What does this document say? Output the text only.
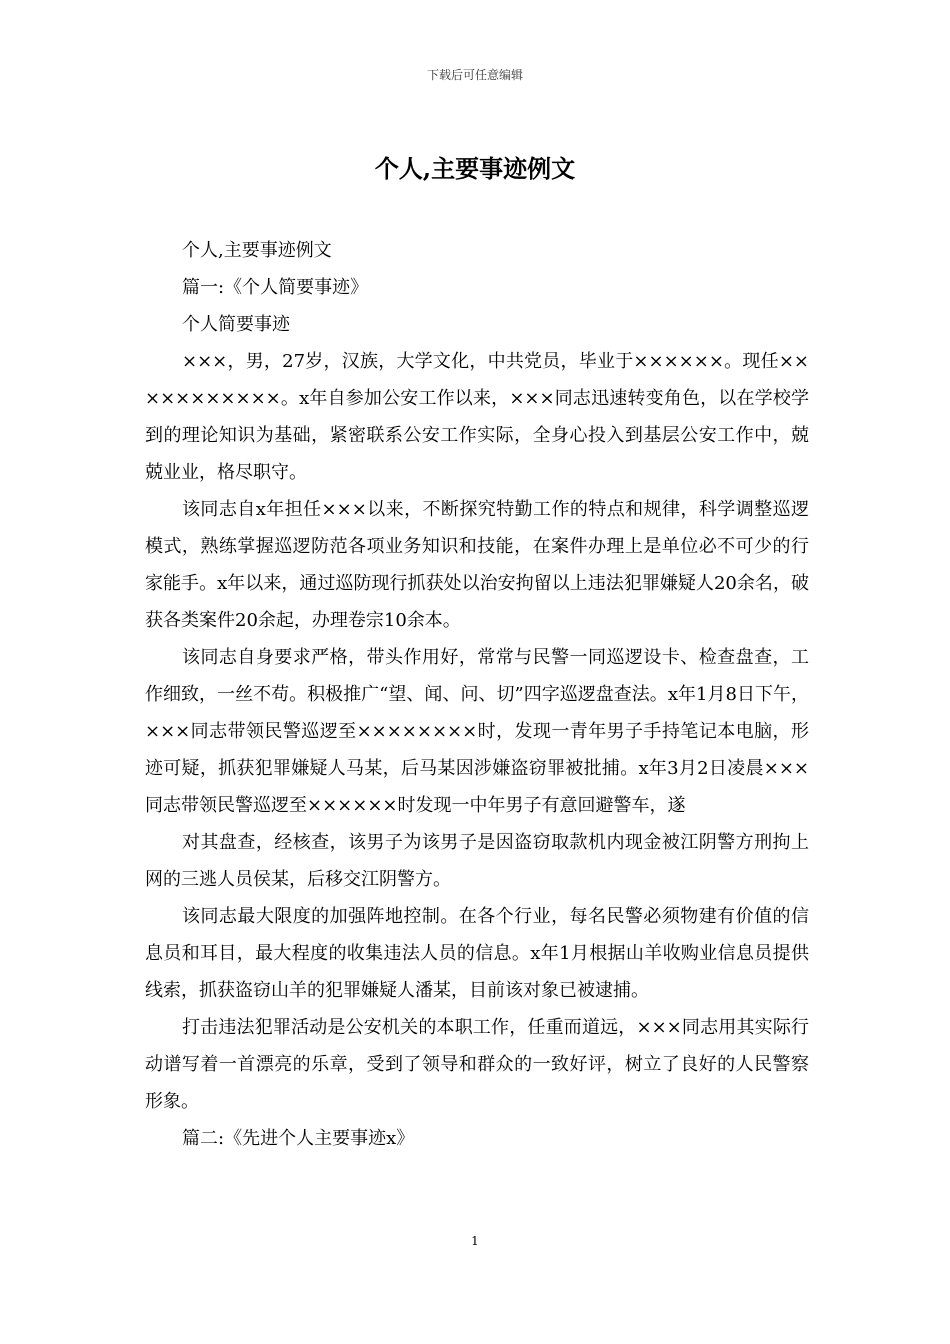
下载后可任意编辑
个人,主要事迹例文

个人,主要事迹例文

篇一:《个人简要事迹》

个人简要事迹

×××，男，27岁，汉族，大学文化，中共党员，毕业于××××××。现任×××××××××××。x年自参加公安工作以来，×××同志迅速转变角色，以在学校学到的理论知识为基础，紧密联系公安工作实际，全身心投入到基层公安工作中，兢兢业业，格尽职守。

该同志自x年担任×××以来，不断探究特勤工作的特点和规律，科学调整巡逻模式，熟练掌握巡逻防范各项业务知识和技能，在案件办理上是单位必不可少的行家能手。x年以来，通过巡防现行抓获处以治安拘留以上违法犯罪嫌疑人20余名，破获各类案件20余起，办理卷宗10余本。

该同志自身要求严格，带头作用好，常常与民警一同巡逻设卡、检查盘查，工作细致，一丝不苟。积极推广“望、闻、问、切”四字巡逻盘查法。x年1月8日下午，×××同志带领民警巡逻至××××××××时，发现一青年男子手持笔记本电脑，形迹可疑，抓获犯罪嫌疑人马某，后马某因涉嫌盗窃罪被批捕。x年3月2日凌晨×××同志带领民警巡逻至××××××时发现一中年男子有意回避警车，遂

对其盘查，经核查，该男子为该男子是因盗窃取款机内现金被江阴警方刑拘上网的三逃人员侯某，后移交江阴警方。

该同志最大限度的加强阵地控制。在各个行业，每名民警必须物建有价值的信息员和耳目，最大程度的收集违法人员的信息。x年1月根据山羊收购业信息员提供线索，抓获盗窃山羊的犯罪嫌疑人潘某，目前该对象已被逮捕。

打击违法犯罪活动是公安机关的本职工作，任重而道远，×××同志用其实际行动谱写着一首漂亮的乐章，受到了领导和群众的一致好评，树立了良好的人民警察形象。

篇二:《先进个人主要事迹x》

1
